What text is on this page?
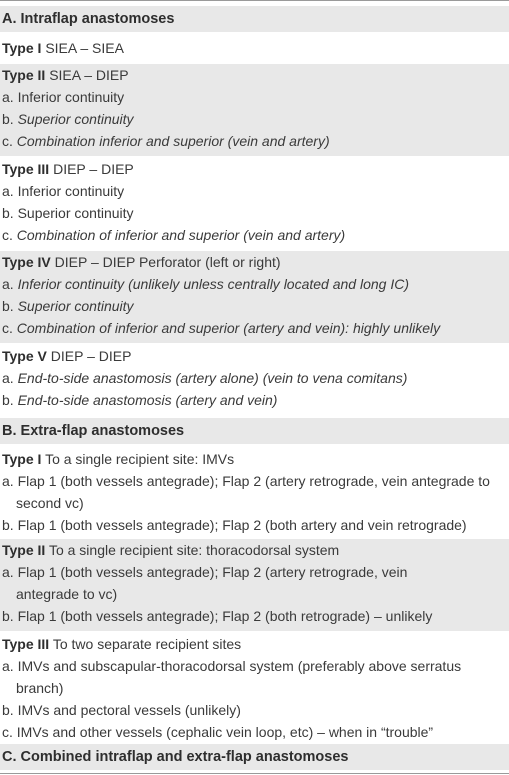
A. Intraflap anastomoses
Type I SIEA – SIEA
Type II SIEA – DIEP
a. Inferior continuity
b. Superior continuity
c. Combination inferior and superior (vein and artery)
Type III DIEP – DIEP
a. Inferior continuity
b. Superior continuity
c. Combination of inferior and superior (vein and artery)
Type IV DIEP – DIEP Perforator (left or right)
a. Inferior continuity (unlikely unless centrally located and long IC)
b. Superior continuity
c. Combination of inferior and superior (artery and vein): highly unlikely
Type V DIEP – DIEP
a. End-to-side anastomosis (artery alone) (vein to vena comitans)
b. End-to-side anastomosis (artery and vein)
B. Extra-flap anastomoses
Type I To a single recipient site: IMVs
a. Flap 1 (both vessels antegrade); Flap 2 (artery retrograde, vein antegrade to
second vc)
b. Flap 1 (both vessels antegrade); Flap 2 (both artery and vein retrograde)
Type II To a single recipient site: thoracodorsal system
a. Flap 1 (both vessels antegrade); Flap 2 (artery retrograde, vein
antegrade to vc)
b. Flap 1 (both vessels antegrade); Flap 2 (both retrograde) – unlikely
Type III To two separate recipient sites
a. IMVs and subscapular-thoracodorsal system (preferably above serratus
branch)
b. IMVs and pectoral vessels (unlikely)
c. IMVs and other vessels (cephalic vein loop, etc) – when in “trouble”
C. Combined intraflap and extra-flap anastomoses
